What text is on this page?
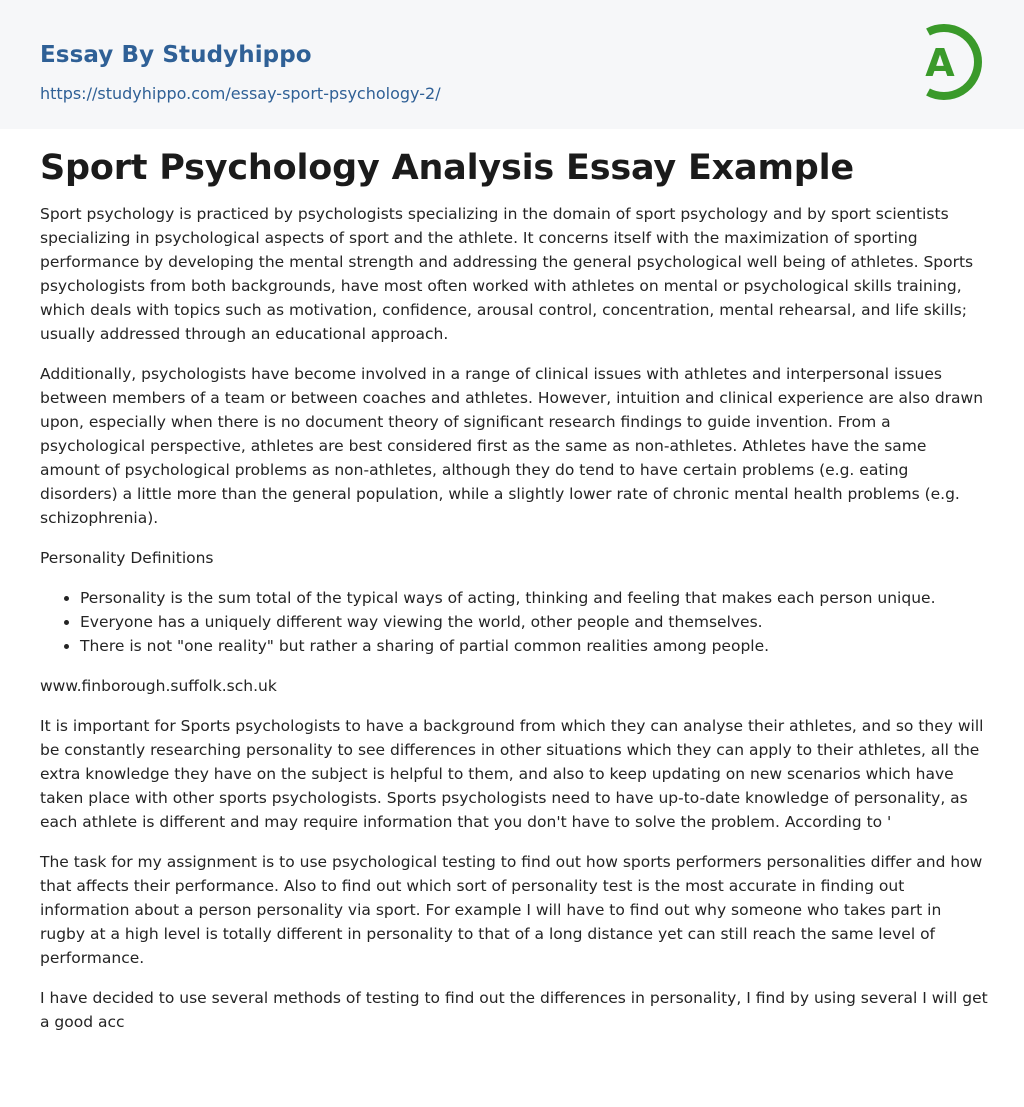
Essay By Studyhippo
https://studyhippo.com/essay-sport-psychology-2/
A
Sport Psychology Analysis Essay Example

Sport psychology is practiced by psychologists specializing in the domain of sport psychology and by sport scientists specializing in psychological aspects of sport and the athlete. It concerns itself with the maximization of sporting performance by developing the mental strength and addressing the general psychological well being of athletes. Sports psychologists from both backgrounds, have most often worked with athletes on mental or psychological skills training, which deals with topics such as motivation, confidence, arousal control, concentration, mental rehearsal, and life skills; usually addressed through an educational approach.

Additionally, psychologists have become involved in a range of clinical issues with athletes and interpersonal issues between members of a team or between coaches and athletes. However, intuition and clinical experience are also drawn upon, especially when there is no document theory of significant research findings to guide invention. From a psychological perspective, athletes are best considered first as the same as non-athletes. Athletes have the same amount of psychological problems as non-athletes, although they do tend to have certain problems (e.g. eating disorders) a little more than the general population, while a slightly lower rate of chronic mental health problems (e.g. schizophrenia).

Personality Definitions

• Personality is the sum total of the typical ways of acting, thinking and feeling that makes each person unique.
• Everyone has a uniquely different way viewing the world, other people and themselves.
• There is not "one reality" but rather a sharing of partial common realities among people.

www.finborough.suffolk.sch.uk

It is important for Sports psychologists to have a background from which they can analyse their athletes, and so they will be constantly researching personality to see differences in other situations which they can apply to their athletes, all the extra knowledge they have on the subject is helpful to them, and also to keep updating on new scenarios which have taken place with other sports psychologists. Sports psychologists need to have up-to-date knowledge of personality, as each athlete is different and may require information that you don't have to solve the problem. According to '

The task for my assignment is to use psychological testing to find out how sports performers personalities differ and how that affects their performance. Also to find out which sort of personality test is the most accurate in finding out information about a person personality via sport. For example I will have to find out why someone who takes part in rugby at a high level is totally different in personality to that of a long distance yet can still reach the same level of performance.

I have decided to use several methods of testing to find out the differences in personality, I find by using several I will get a good acc
